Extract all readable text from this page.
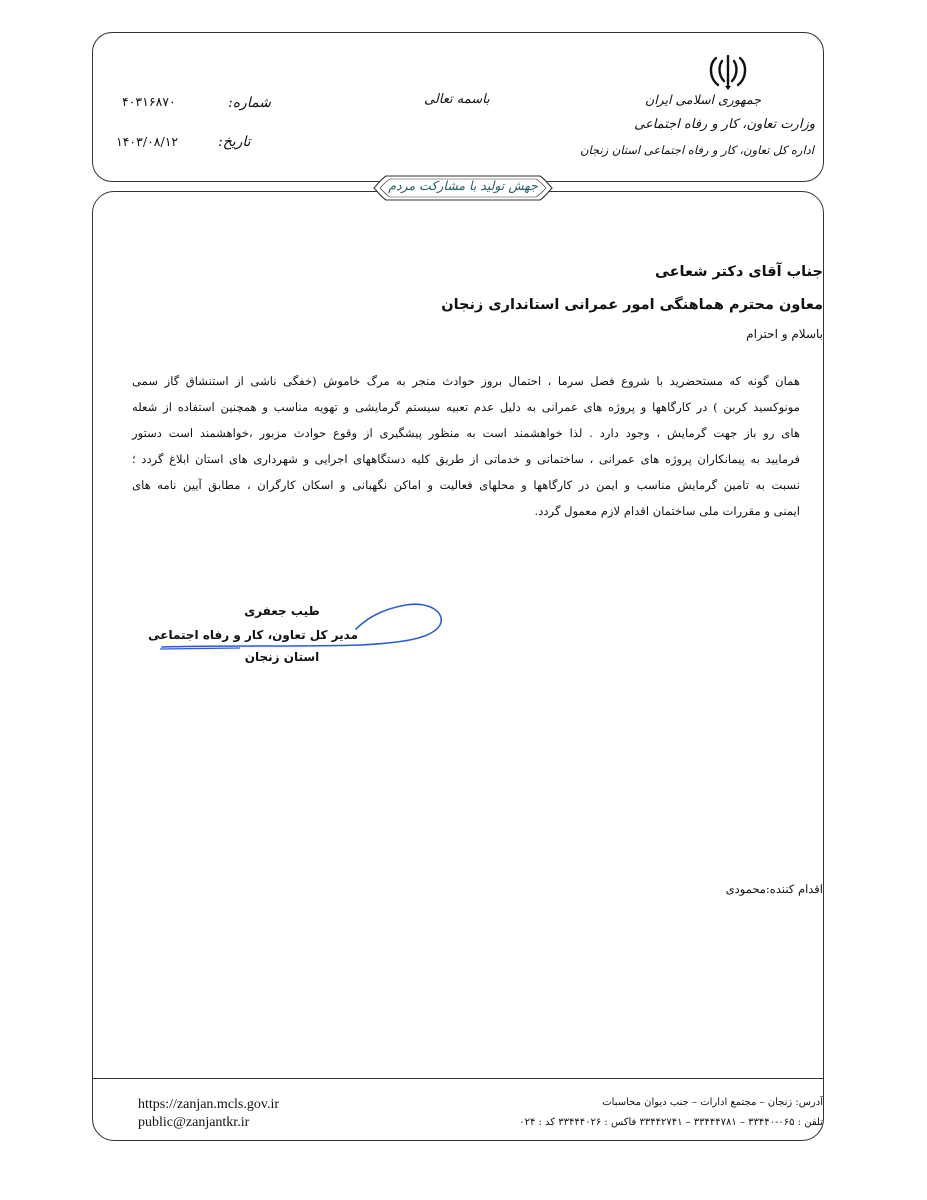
جمهوری اسلامی ایران
وزارت تعاون، کار و رفاه اجتماعی
اداره کل تعاون، کار و رفاه اجتماعی استان زنجان
باسمه تعالی
شماره:
۴۰۳۱۶۸۷۰
تاریخ:
۱۴۰۳/۰۸/۱۲
جهش تولید با مشارکت مردم
جناب آقای دکتر شعاعی
معاون محترم هماهنگی امور عمرانی استانداری زنجان
باسلام و احترام
همان گونه که مستحضرید با شروع فصل سرما ، احتمال بروز حوادث منجر به مرگ خاموش (خفگی ناشی از استنشاق گاز سمی
مونوکسید کربن ) در کارگاهها و پروژه های عمرانی به دلیل عدم تعبیه سیستم گرمایشی و تهویه مناسب و همچنین استفاده از شعله
های رو باز جهت گرمایش ، وجود دارد . لذا خواهشمند است به منظور پیشگیری از وقوع حوادث مزبور ،خواهشمند است دستور
فرمایید به پیمانکاران پروژه های عمرانی ، ساختمانی و خدماتی از طریق کلیه دستگاههای اجرایی و شهرداری های استان ابلاغ گردد ؛
نسبت به تامین گرمایش مناسب و ایمن در کارگاهها و محلهای فعالیت و اماکن نگهبانی و اسکان کارگران ، مطابق آیین نامه های
ایمنی و مقررات ملی ساختمان اقدام لازم معمول گردد.
طیب جعفری
مدیر کل تعاون، کار و رفاه اجتماعی
استان زنجان
اقدام کننده:محمودی
https://zanjan.mcls.gov.ir
public@zanjantkr.ir
آدرس: زنجان – مجتمع ادارات – جنب دیوان محاسبات
تلفن : ۰۶۵-۳۳۴۴۰ – ۳۳۴۴۴۷۸۱ – ۳۳۴۴۲۷۴۱ فاکس : ۳۳۴۴۴۰۲۶ کد : ۰۲۴
